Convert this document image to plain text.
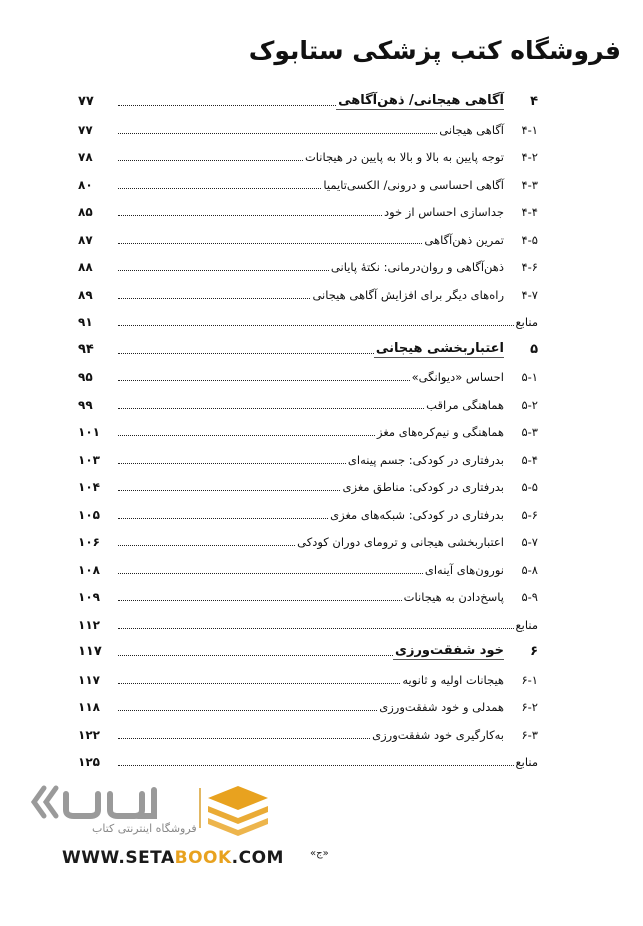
فروشگاه کتب پزشکی ستابوک
۴
آگاهی هیجانی/ ذهن‌آگاهی
۷۷
۴-۱
آگاهی هیجانی
۷۷
۴-۲
توجه پایین به بالا و بالا به پایین در هیجانات
۷۸
۴-۳
آگاهی احساسی و درونی/ الکسی‌تایمیا
۸۰
۴-۴
جداسازی احساس از خود
۸۵
۴-۵
تمرین ذهن‌آگاهی
۸۷
۴-۶
ذهن‌آگاهی و روان‌درمانی: نکتهٔ پایانی
۸۸
۴-۷
راه‌های دیگر برای افزایش آگاهی هیجانی
۸۹
منابع
۹۱
۵
اعتباربخشی هیجانی
۹۴
۵-۱
احساس «دیوانگی»
۹۵
۵-۲
هماهنگی مراقب
۹۹
۵-۳
هماهنگی و نیم‌کره‌های مغز
۱۰۱
۵-۴
بدرفتاری در کودکی: جسم پینه‌ای
۱۰۳
۵-۵
بدرفتاری در کودکی: مناطق مغزی
۱۰۴
۵-۶
بدرفتاری در کودکی: شبکه‌های مغزی
۱۰۵
۵-۷
اعتباربخشی هیجانی و ترومای دوران کودکی
۱۰۶
۵-۸
نورون‌های آینه‌ای
۱۰۸
۵-۹
پاسخ‌دادن به هیجانات
۱۰۹
منابع
۱۱۲
۶
خود شفقت‌ورزی
۱۱۷
۶-۱
هیجانات اولیه و ثانویه
۱۱۷
۶-۲
همدلی و خود شفقت‌ورزی
۱۱۸
۶-۳
به‌کارگیری خود شفقت‌ورزی
۱۲۲
منابع
۱۲۵
«ج»
فروشگاه اینترنتی کتاب
WWW.SETABOOK.COM
